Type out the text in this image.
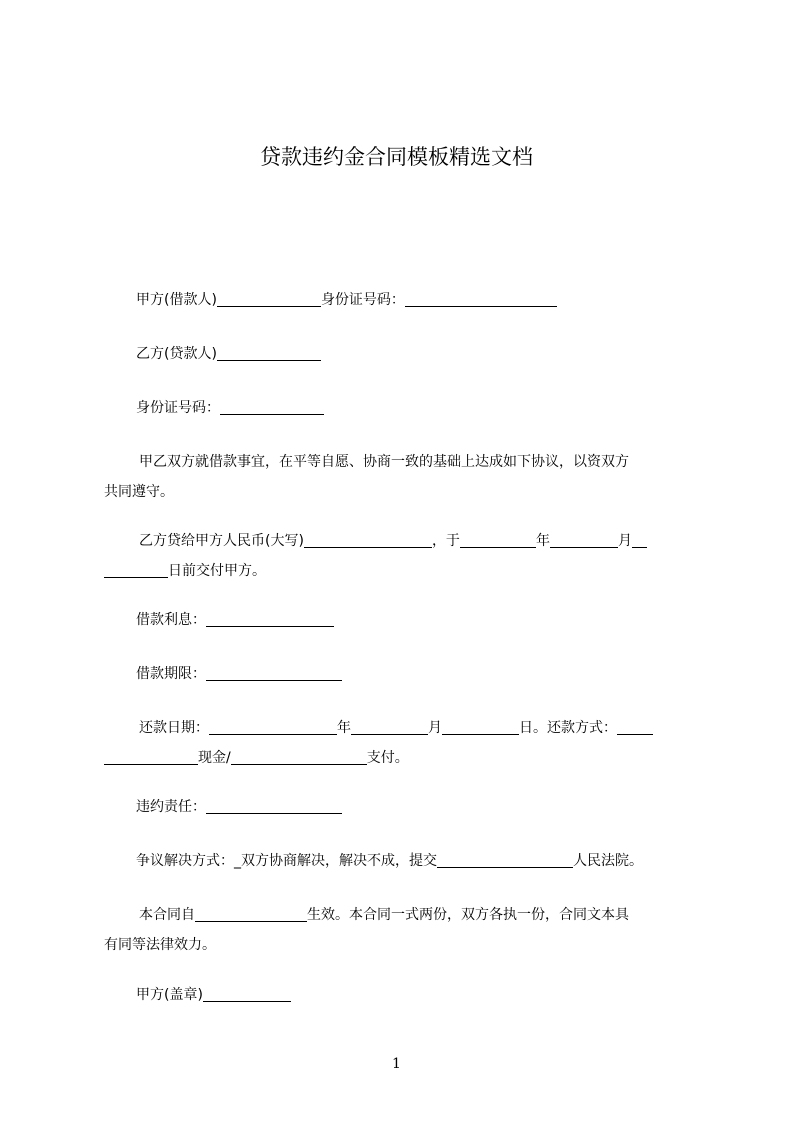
贷款违约金合同模板精选文档
甲方(借款人)	身份证号码：
乙方(贷款人)
身份证号码：
甲乙双方就借款事宜，在平等自愿、协商一致的基础上达成如下协议，以资双方
共同遵守。
乙方贷给甲方人民币(大写)	，于	年	月
日前交付甲方。
借款利息：
借款期限：
还款日期：	年	月	日。还款方式：
现金/	支付。
违约责任：
争议解决方式：_双方协商解决，解决不成，提交	人民法院。
本合同自	生效。本合同一式两份，双方各执一份，合同文本具
有同等法律效力。
甲方(盖章)
1
